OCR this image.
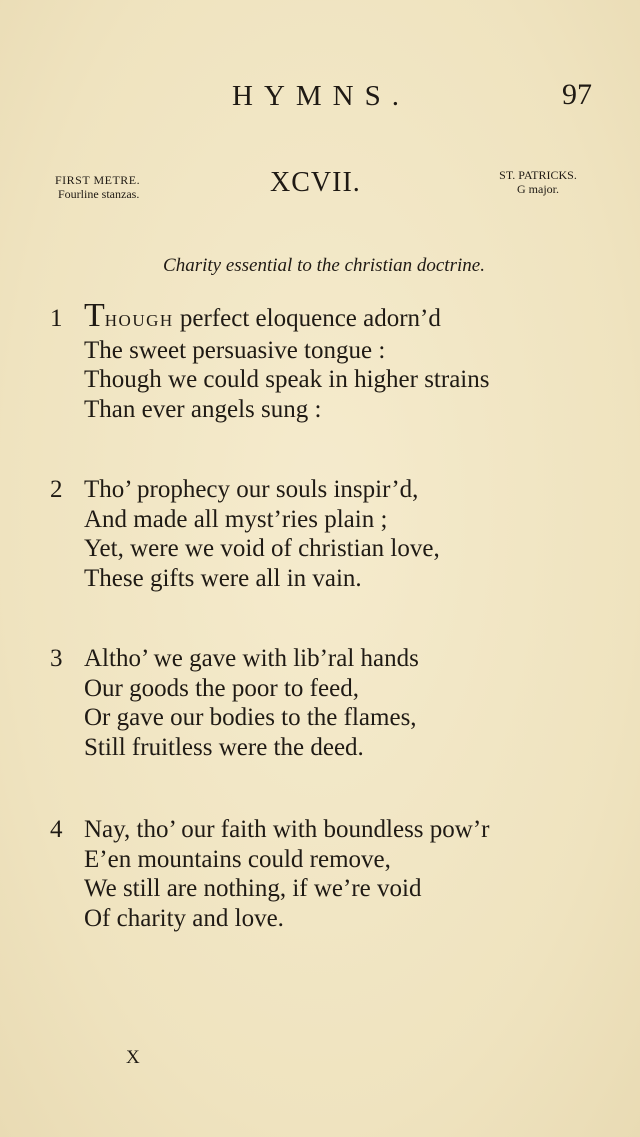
HYMNS.	97
FIRST METRE.
Fourline stanzas.	XCVII.	ST. PATRICKS.
G major.
Charity essential to the christian doctrine.
1 THOUGH perfect eloquence adorn’d
The sweet persuasive tongue :
Though we could speak in higher strains
Than ever angels sung :
2 Tho’ prophecy our souls inspir’d,
And made all myst’ries plain ;
Yet, were we void of christian love,
These gifts were all in vain.
3 Altho’ we gave with lib’ral hands
Our goods the poor to feed,
Or gave our bodies to the flames,
Still fruitless were the deed.
4 Nay, tho’ our faith with boundless pow’r
E’en mountains could remove,
We still are nothing, if we’re void
Of charity and love.
X
